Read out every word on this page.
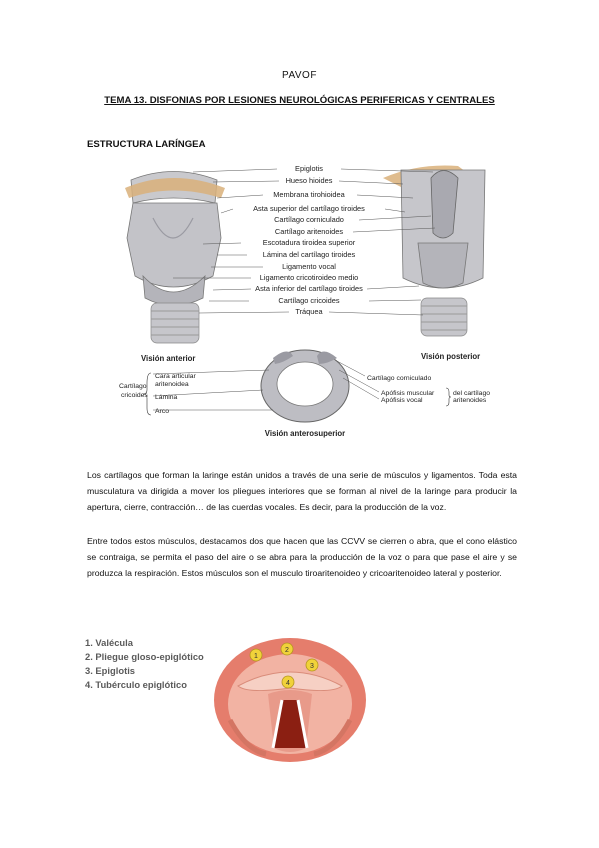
PAVOF
TEMA 13. DISFONIAS POR LESIONES NEUROLÓGICAS PERIFERICAS Y CENTRALES
ESTRUCTURA LARÍNGEA
Epiglotis
Hueso hioides
Membrana tirohioidea
Asta superior del cartílago tiroides
Cartílago corniculado
Cartílago aritenoides
Escotadura tiroidea superior
Lámina del cartílago tiroides
Ligamento vocal
Ligamento cricotiroideo medio
Asta inferior del cartílago tiroides
Cartílago cricoides
Tráquea
Visión anterior	Visión posterior
Visión anterosuperior
Cartílago
cricoides
Cara articular
aritenoidea
Lámina
Arco
Cartílago corniculado
Apófisis muscular
Apófisis vocal
del cartílago
aritenoides
Los cartílagos que forman la laringe están unidos a través de una serie de músculos y ligamentos. Toda esta musculatura va dirigida a mover los pliegues interiores que se forman al nivel de la laringe para producir la apertura, cierre, contracción… de las cuerdas vocales. Es decir, para la producción de la voz.
Entre todos estos músculos, destacamos dos que hacen que las CCVV se cierren o abra, que el cono elástico se contraiga, se permita el paso del aire o se abra para la producción de la voz o para que pase el aire y se produzca la respiración. Estos músculos son el musculo tiroaritenoideo y cricoaritenoideo lateral y posterior.
1. Valécula
2. Pliegue gloso-epiglótico
3. Epiglotis
4. Tubérculo epiglótico
1
2
3
4
